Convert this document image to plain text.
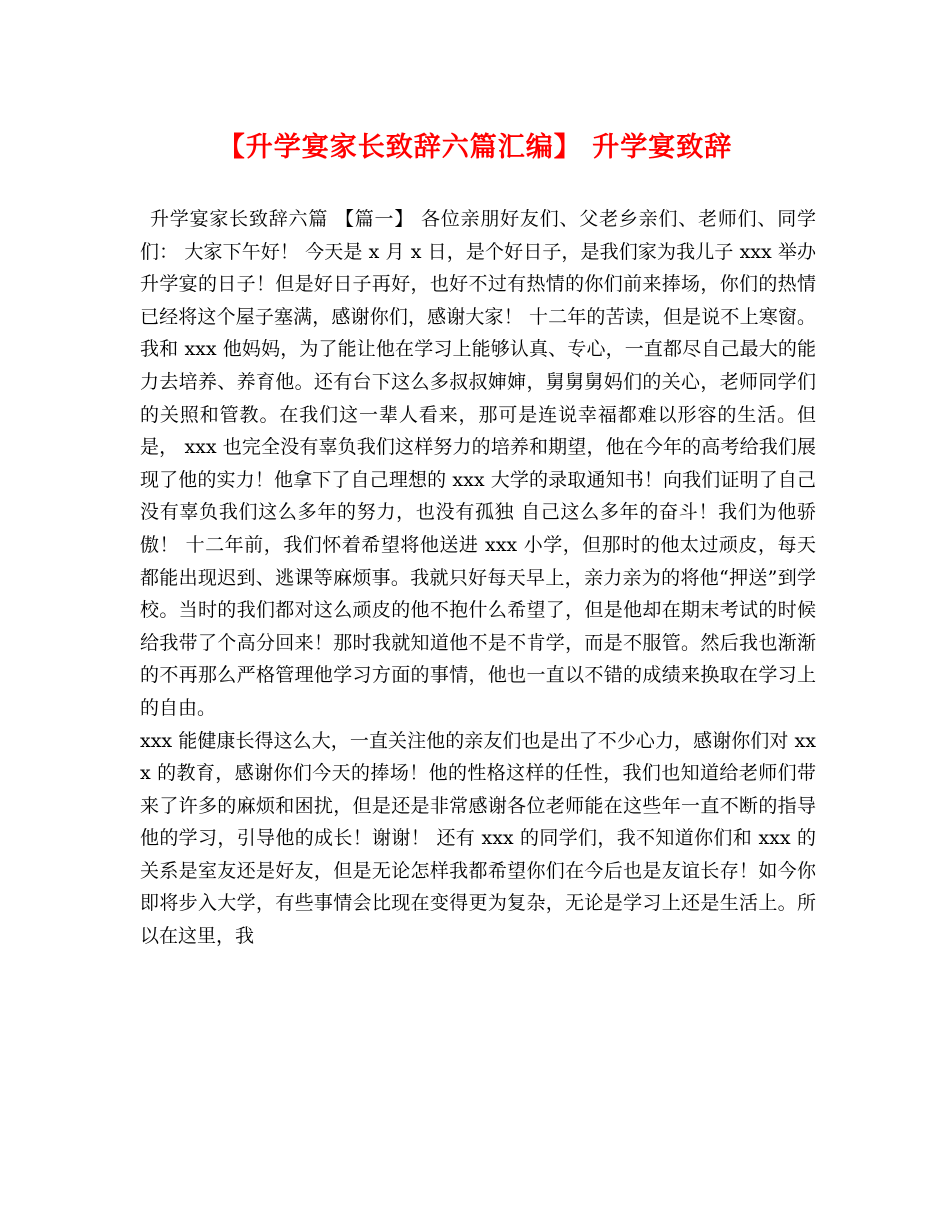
【升学宴家长致辞六篇汇编】 升学宴致辞

升学宴家长致辞六篇 【篇一】 各位亲朋好友们、父老乡亲们、老师们、同学们： 大家下午好！ 今天是 x 月 x 日，是个好日子，是我们家为我儿子 xxx 举办升学宴的日子！但是好日子再好，也好不过有热情的你们前来捧场，你们的热情已经将这个屋子塞满，感谢你们，感谢大家！ 十二年的苦读，但是说不上寒窗。我和 xxx 他妈妈，为了能让他在学习上能够认真、专心，一直都尽自己最大的能力去培养、养育他。还有台下这么多叔叔婶婶，舅舅舅妈们的关心，老师同学们的关照和管教。在我们这一辈人看来，那可是连说幸福都难以形容的生活。但是， xxx 也完全没有辜负我们这样努力的培养和期望，他在今年的高考给我们展现了他的实力！他拿下了自己理想的 xxx 大学的录取通知书！向我们证明了自己没有辜负我们这么多年的努力，也没有孤独 自己这么多年的奋斗！我们为他骄傲！ 十二年前，我们怀着希望将他送进 xxx 小学，但那时的他太过顽皮，每天都能出现迟到、逃课等麻烦事。我就只好每天早上，亲力亲为的将他“押送”到学校。当时的我们都对这么顽皮的他不抱什么希望了，但是他却在期末考试的时候给我带了个高分回来！那时我就知道他不是不肯学，而是不服管。然后我也渐渐的不再那么严格管理他学习方面的事情，他也一直以不错的成绩来换取在学习上的自由。

xxx 能健康长得这么大，一直关注他的亲友们也是出了不少心力，感谢你们对 xxx 的教育，感谢你们今天的捧场！他的性格这样的任性，我们也知道给老师们带来了许多的麻烦和困扰，但是还是非常感谢各位老师能在这些年一直不断的指导他的学习，引导他的成长！谢谢！ 还有 xxx 的同学们，我不知道你们和 xxx 的关系是室友还是好友，但是无论怎样我都希望你们在今后也是友谊长存！如今你即将步入大学，有些事情会比现在变得更为复杂，无论是学习上还是生活上。所以在这里，我
